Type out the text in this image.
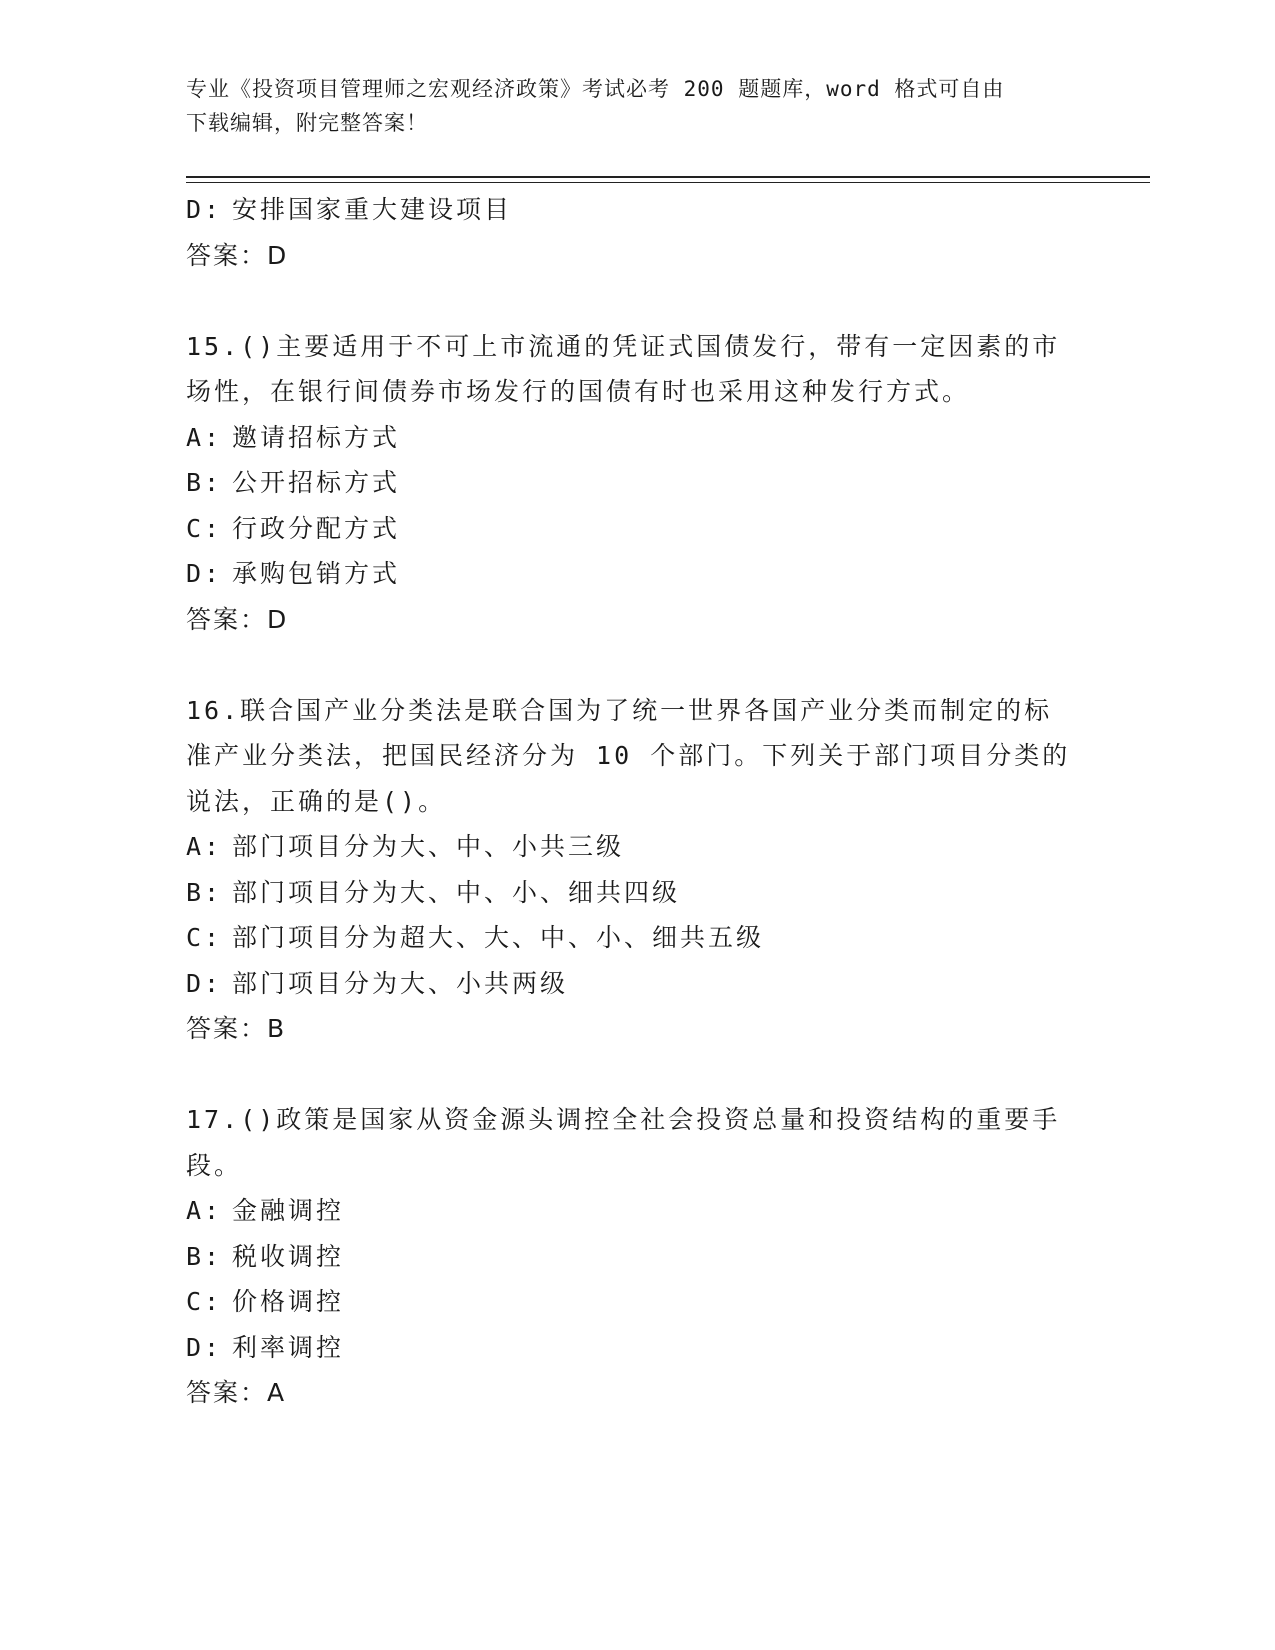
专业《投资项目管理师之宏观经济政策》考试必考 200 题题库，word 格式可自由
下载编辑，附完整答案！
D: 安排国家重大建设项目
答案：D
15.()主要适用于不可上市流通的凭证式国债发行，带有一定因素的市
场性，在银行间债券市场发行的国债有时也采用这种发行方式。
A: 邀请招标方式
B: 公开招标方式
C: 行政分配方式
D: 承购包销方式
答案：D
16.联合国产业分类法是联合国为了统一世界各国产业分类而制定的标
准产业分类法，把国民经济分为 10 个部门。下列关于部门项目分类的
说法，正确的是()。
A: 部门项目分为大、中、小共三级
B: 部门项目分为大、中、小、细共四级
C: 部门项目分为超大、大、中、小、细共五级
D: 部门项目分为大、小共两级
答案：B
17.()政策是国家从资金源头调控全社会投资总量和投资结构的重要手
段。
A: 金融调控
B: 税收调控
C: 价格调控
D: 利率调控
答案：A
